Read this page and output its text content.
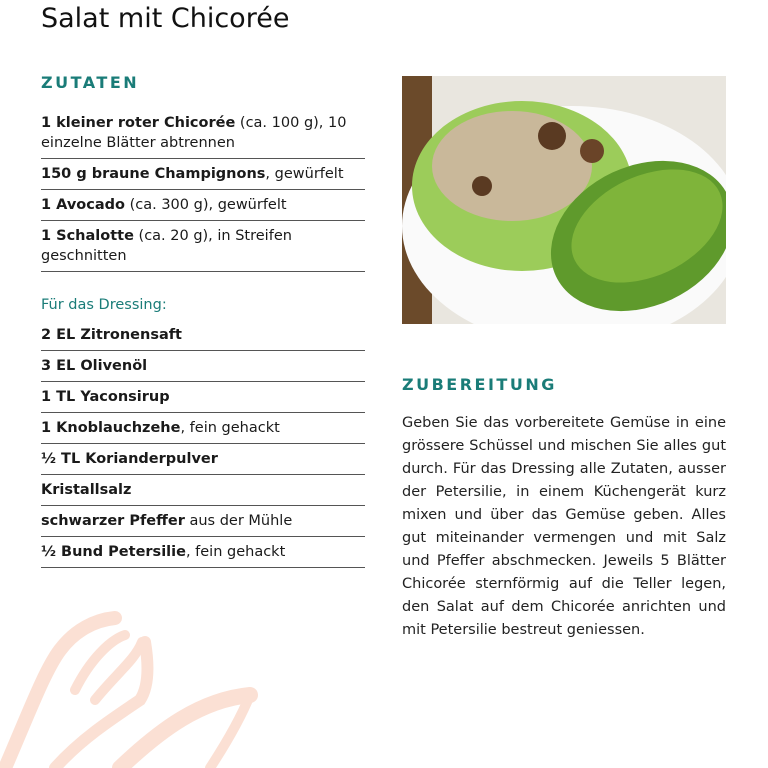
Salat mit Chicorée
ZUTATEN
1 kleiner roter Chicorée (ca. 100 g), 10 einzelne Blätter abtrennen
150 g braune Champignons, gewürfelt
1 Avocado (ca. 300 g), gewürfelt
1 Schalotte (ca. 20 g), in Streifen geschnitten
Für das Dressing:
2 EL Zitronensaft
3 EL Olivenöl
1 TL Yaconsirup
1 Knoblauchzehe, fein gehackt
½ TL Korianderpulver
Kristallsalz
schwarzer Pfeffer aus der Mühle
½ Bund Petersilie, fein gehackt
ZUBEREITUNG

Geben Sie das vorbereitete Gemüse in eine grössere Schüssel und mischen Sie alles gut durch. Für das Dressing alle Zutaten, ausser der Petersilie, in einem Küchengerät kurz mixen und über das Gemüse geben. Alles gut miteinander vermengen und mit Salz und Pfeffer abschmecken. Jeweils 5 Blätter Chicorée sternförmig auf die Teller legen, den Salat auf dem Chicorée anrichten und mit Petersilie bestreut geniessen.
